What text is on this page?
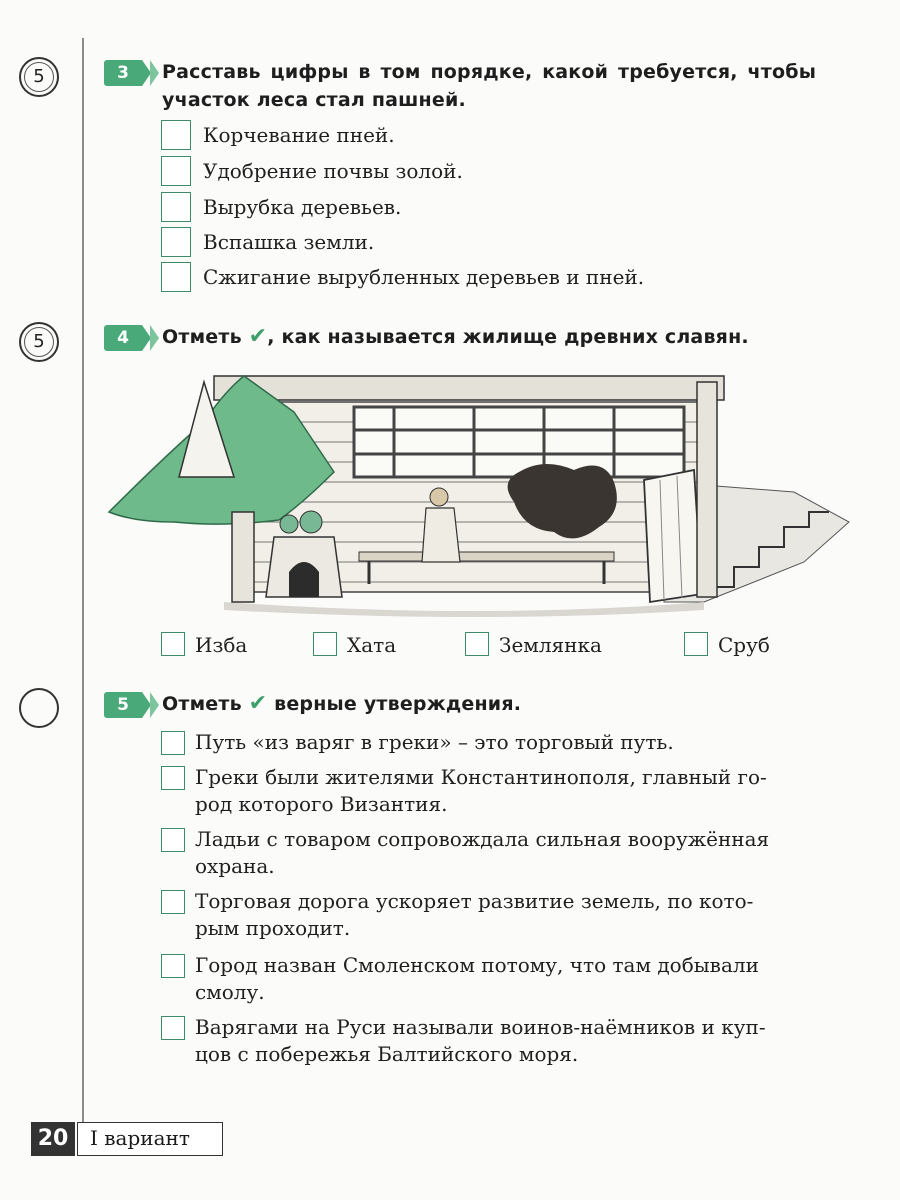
5
5
3	Расставь цифры в том порядке, какой требуется, чтобы
участок леса стал пашней.
Корчевание пней.
Удобрение почвы золой.
Вырубка деревьев.
Вспашка земли.
Сжигание вырубленных деревьев и пней.
4	Отметь ✔, как называется жилище древних славян.
Изба	Хата	Землянка	Сруб
5	Отметь ✔ верные утверждения.
Путь «из варяг в греки» – это торговый путь.
Греки были жителями Константинополя, главный го-
род которого Византия.
Ладьи с товаром сопровождала сильная вооружённая
охрана.
Торговая дорога ускоряет развитие земель, по кото-
рым проходит.
Город назван Смоленском потому, что там добывали
смолу.
Варягами на Руси называли воинов-наёмников и куп-
цов с побережья Балтийского моря.
20	I вариант
